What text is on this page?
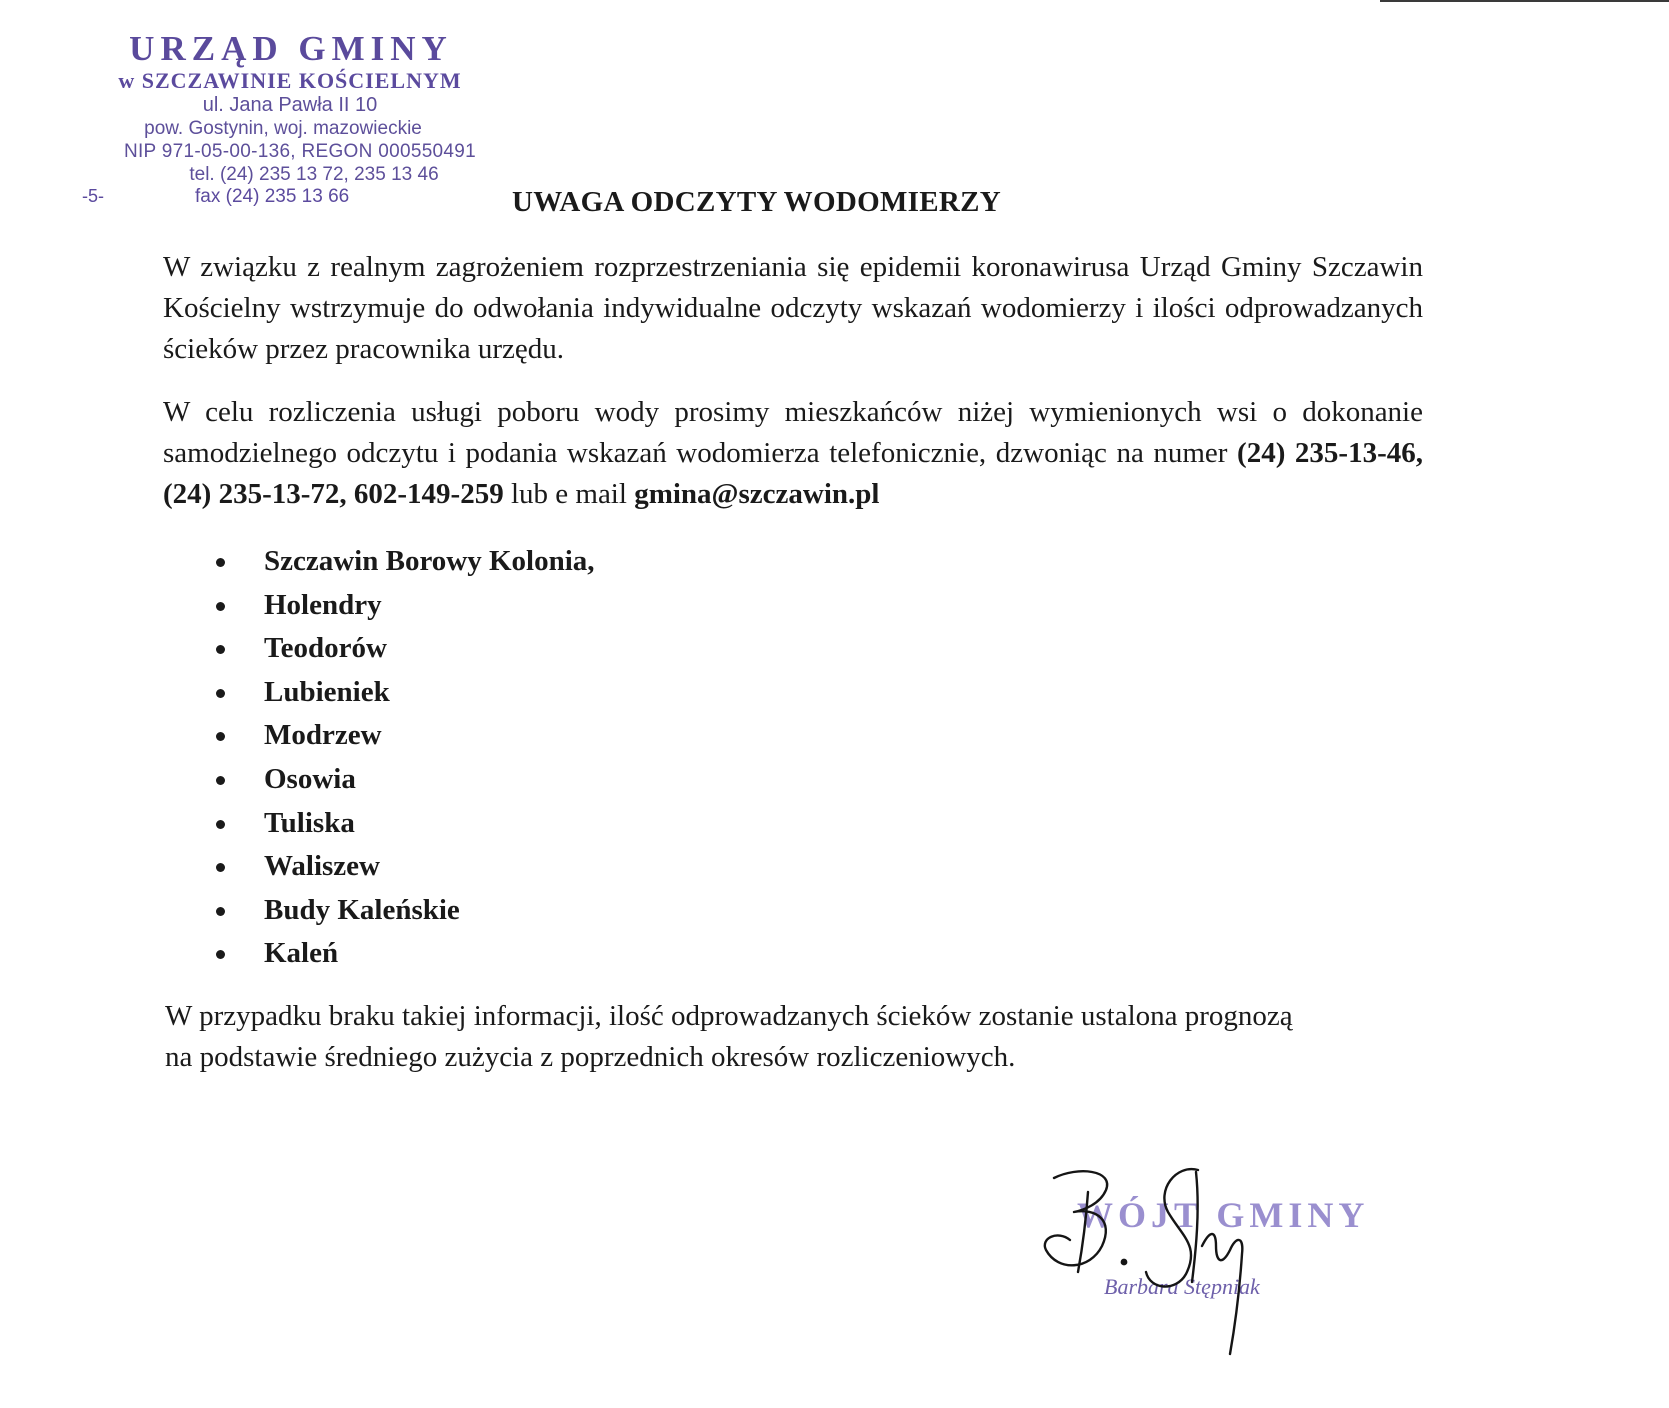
URZĄD GMINY
w SZCZAWINIE KOŚCIELNYM
ul. Jana Pawła II 10
pow. Gostynin, woj. mazowieckie
NIP 971-05-00-136, REGON 000550491
tel. (24) 235 13 72, 235 13 46
-5-	fax (24) 235 13 66	UWAGA ODCZYTY WODOMIERZY
W związku z realnym zagrożeniem rozprzestrzeniania się epidemii koronawirusa Urząd Gminy Szczawin Kościelny wstrzymuje do odwołania indywidualne odczyty wskazań wodomierzy i ilości odprowadzanych ścieków przez pracownika urzędu.
W celu rozliczenia usługi poboru wody prosimy mieszkańców niżej wymienionych wsi o dokonanie samodzielnego odczytu i podania wskazań wodomierza telefonicznie, dzwoniąc na numer (24) 235-13-46, (24) 235-13-72, 602-149-259 lub e mail gmina@szczawin.pl
Szczawin Borowy Kolonia,
Holendry
Teodorów
Lubieniek
Modrzew
Osowia
Tuliska
Waliszew
Budy Kaleńskie
Kaleń
W przypadku braku takiej informacji, ilość odprowadzanych ścieków zostanie ustalona prognozą na podstawie średniego zużycia z poprzednich okresów rozliczeniowych.
WÓJT GMINY
Barbara Stępniak
